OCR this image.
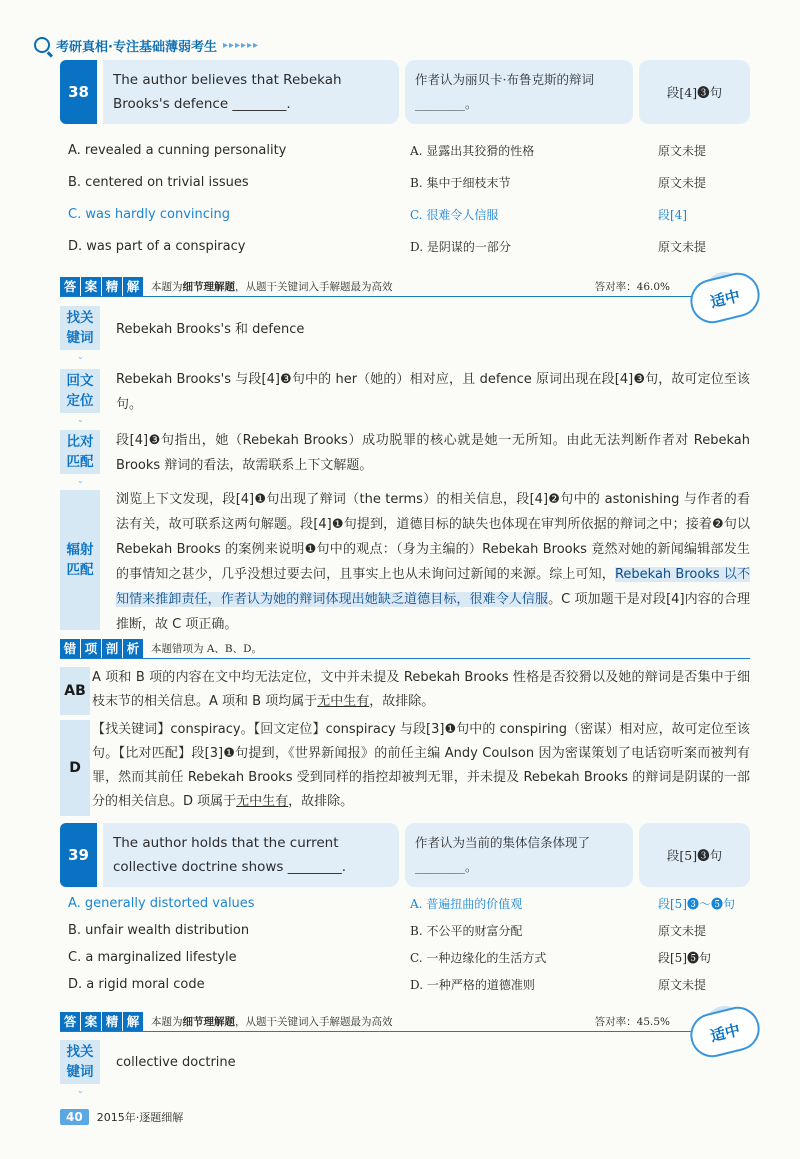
考研真相·专注基础薄弱考生 ▸▸▸▸▸▸
38
The author believes that Rebekah Brooks's defence ________.
作者认为丽贝卡·布鲁克斯的辩词________。
段[4]❸句
A. revealed a cunning personality	A. 显露出其狡猾的性格	原文未提
B. centered on trivial issues	B. 集中于细枝末节	原文未提
C. was hardly convincing	C. 很难令人信服	段[4]
D. was part of a conspiracy	D. 是阴谋的一部分	原文未提
答 案 精 解	本题为细节理解题，从题干关键词入手解题最为高效	答对率：46.0%	适中
找关键词
⌄
Rebekah Brooks's 和 defence
回文定位
⌄
Rebekah Brooks's 与段[4]❸句中的 her（她的）相对应，且 defence 原词出现在段[4]❸句，故可定位至该句。
比对匹配
⌄
段[4]❸句指出，她（Rebekah Brooks）成功脱罪的核心就是她一无所知。由此无法判断作者对 Rebekah Brooks 辩词的看法，故需联系上下文解题。
辐射匹配
浏览上下文发现，段[4]❶句出现了辩词（the terms）的相关信息，段[4]❷句中的 astonishing 与作者的看法有关，故可联系这两句解题。段[4]❶句提到，道德目标的缺失也体现在审判所依据的辩词之中；接着❷句以 Rebekah Brooks 的案例来说明❶句中的观点：（身为主编的）Rebekah Brooks 竟然对她的新闻编辑部发生的事情知之甚少，几乎没想过要去问，且事实上也从未询问过新闻的来源。综上可知，Rebekah Brooks 以不知情来推卸责任，作者认为她的辩词体现出她缺乏道德目标，很难令人信服。C 项加题干是对段[4]内容的合理推断，故 C 项正确。
错 项 剖 析	本题错项为 A、B、D。
AB
A 项和 B 项的内容在文中均无法定位，文中并未提及 Rebekah Brooks 性格是否狡猾以及她的辩词是否集中于细枝末节的相关信息。A 项和 B 项均属于无中生有，故排除。
D
【找关键词】conspiracy。【回文定位】conspiracy 与段[3]❶句中的 conspiring（密谋）相对应，故可定位至该句。【比对匹配】段[3]❶句提到，《世界新闻报》的前任主编 Andy Coulson 因为密谋策划了电话窃听案而被判有罪，然而其前任 Rebekah Brooks 受到同样的指控却被判无罪，并未提及 Rebekah Brooks 的辩词是阴谋的一部分的相关信息。D 项属于无中生有，故排除。
39
The author holds that the current collective doctrine shows ________.
作者认为当前的集体信条体现了________。
段[5]❸句
A. generally distorted values	A. 普遍扭曲的价值观	段[5]❸～❺句
B. unfair wealth distribution	B. 不公平的财富分配	原文未提
C. a marginalized lifestyle	C. 一种边缘化的生活方式	段[5]❺句
D. a rigid moral code	D. 一种严格的道德准则	原文未提
答 案 精 解	本题为细节理解题，从题干关键词入手解题最为高效	答对率：45.5%	适中
找关键词
⌄
collective doctrine
40	2015年·逐题细解
